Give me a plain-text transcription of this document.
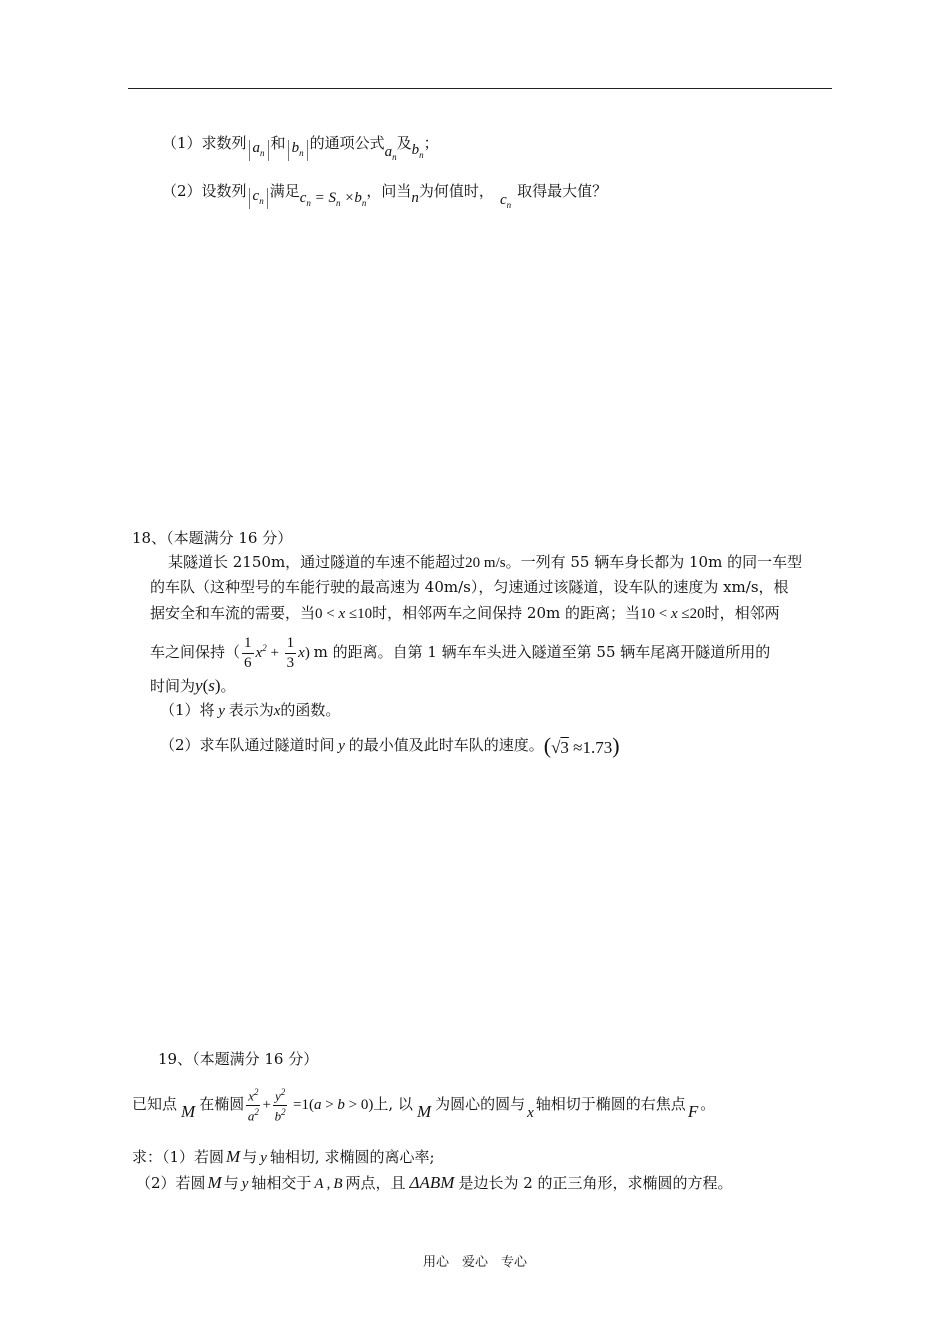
（1）求数列 $a_n$和 $b_n$的通项公式$a_n$及$b_n$；
（2）设数列 $c_n$满足$c_n = S_n \times b_n$，问当n为何值时， $c_n$取得最大值？
18、（本题满分 16 分）
某隧道长 2150m，通过隧道的车速不能超过20 m/s。一列有 55 辆车身长都为 10m 的同一车型
的车队（这种型号的车能行驶的最高速为 40m/s），匀速通过该隧道，设车队的速度为 xm/s，根
据安全和车流的需要，当0 < x ≤10时，相邻两车之间保持 20m 的距离；当10 < x ≤20时，相邻两
车之间保持（ $\frac{1}{6} x^2 + \frac{1}{3} x$) m 的距离。自第 1 辆车车头进入隧道至第 55 辆车尾离开隧道所用的
时间为y(s)。
（1）将 y 表示为x的函数。
（2）求车队通过隧道时间 y 的最小值及此时车队的速度。(√3 ≈1.73)
19、（本题满分 16 分）
已知点 M 在椭圆 $\frac{x^2}{a^2} + \frac{y^2}{b^2} =1(a > b > 0)$上, 以 M 为圆心的圆与 x 轴相切于椭圆的右焦点 F 。
求：（1）若圆 M 与 y 轴相切, 求椭圆的离心率;
（2）若圆 M 与 y 轴相交于 A , B 两点，且 ΔABM 是边长为 2 的正三角形，求椭圆的方程。
用心　爱心　专心
